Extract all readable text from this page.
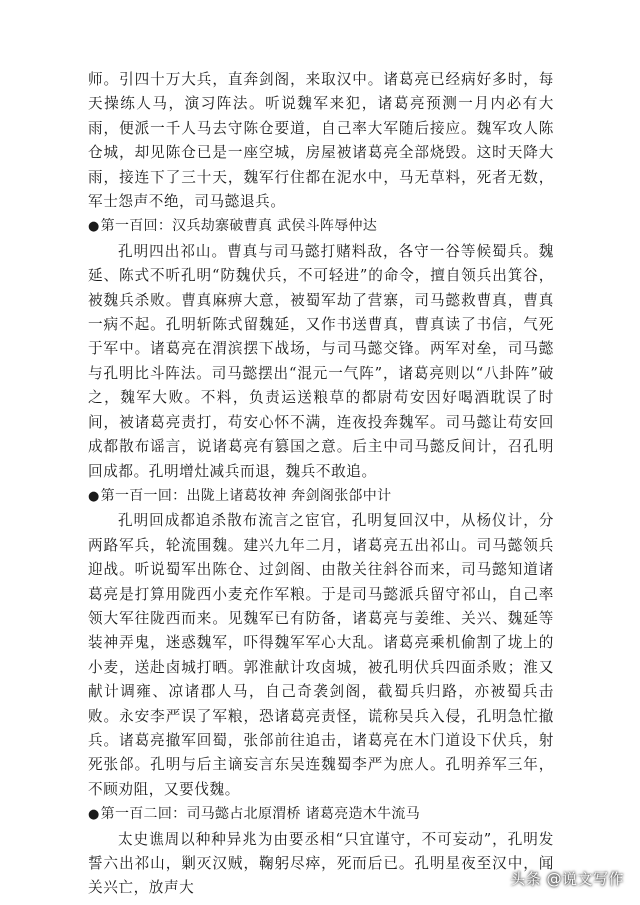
师。引四十万大兵，直奔剑阁，来取汉中。诸葛亮已经病好多时，每天操练人马，演习阵法。听说魏军来犯，诸葛亮预测一月内必有大雨，便派一千人马去守陈仓要道，自己率大军随后接应。魏军攻人陈仓城，却见陈仓已是一座空城，房屋被诸葛亮全部烧毁。这时天降大雨，接连下了三十天，魏军行住都在泥水中，马无草料，死者无数，军士怨声不绝，司马懿退兵。

●第一百回：汉兵劫寨破曹真 武侯斗阵辱仲达

孔明四出祁山。曹真与司马懿打赌料敌，各守一谷等候蜀兵。魏延、陈式不听孔明“防魏伏兵，不可轻进”的命令，擅自领兵出箕谷，被魏兵杀败。曹真麻痹大意，被蜀军劫了营寨，司马懿救曹真，曹真一病不起。孔明斩陈式留魏延，又作书送曹真，曹真读了书信，气死于军中。诸葛亮在渭滨摆下战场，与司马懿交锋。两军对垒，司马懿与孔明比斗阵法。司马懿摆出“混元一气阵”，诸葛亮则以“八卦阵”破之，魏军大败。不料，负责运送粮草的都尉苟安因好喝酒耽误了时间，被诸葛亮责打，苟安心怀不满，连夜投奔魏军。司马懿让苟安回成都散布谣言，说诸葛亮有篡国之意。后主中司马懿反间计，召孔明回成都。孔明增灶减兵而退，魏兵不敢追。

●第一百一回：出陇上诸葛妆神 奔剑阁张郃中计

孔明回成都追杀散布流言之宦官，孔明复回汉中，从杨仪计，分两路军兵，轮流围魏。建兴九年二月，诸葛亮五出祁山。司马懿领兵迎战。听说蜀军出陈仓、过剑阁、由散关往斜谷而来，司马懿知道诸葛亮是打算用陇西小麦充作军粮。于是司马懿派兵留守祁山，自己率领大军往陇西而来。见魏军已有防备，诸葛亮与姜维、关兴、魏延等装神弄鬼，迷惑魏军，吓得魏军军心大乱。诸葛亮乘机偷割了垅上的小麦，送赴卤城打晒。郭淮献计攻卤城，被孔明伏兵四面杀败；淮又献计调雍、凉诸郡人马，自己奇袭剑阁，截蜀兵归路，亦被蜀兵击败。永安李严误了军粮，恐诸葛亮责怪，谎称吴兵入侵，孔明急忙撤兵。诸葛亮撤军回蜀，张郃前往追击，诸葛亮在木门道设下伏兵，射死张郃。孔明与后主谪妄言东吴连魏蜀李严为庶人。孔明养军三年，不顾劝阻，又要伐魏。

●第一百二回：司马懿占北原渭桥 诸葛亮造木牛流马

太史谯周以种种异兆为由要丞相“只宜谨守，不可妄动”，孔明发誓六出祁山，剿灭汉贼，鞠躬尽瘁，死而后已。孔明星夜至汉中，闻关兴亡，放声大	头条 @说文写作
